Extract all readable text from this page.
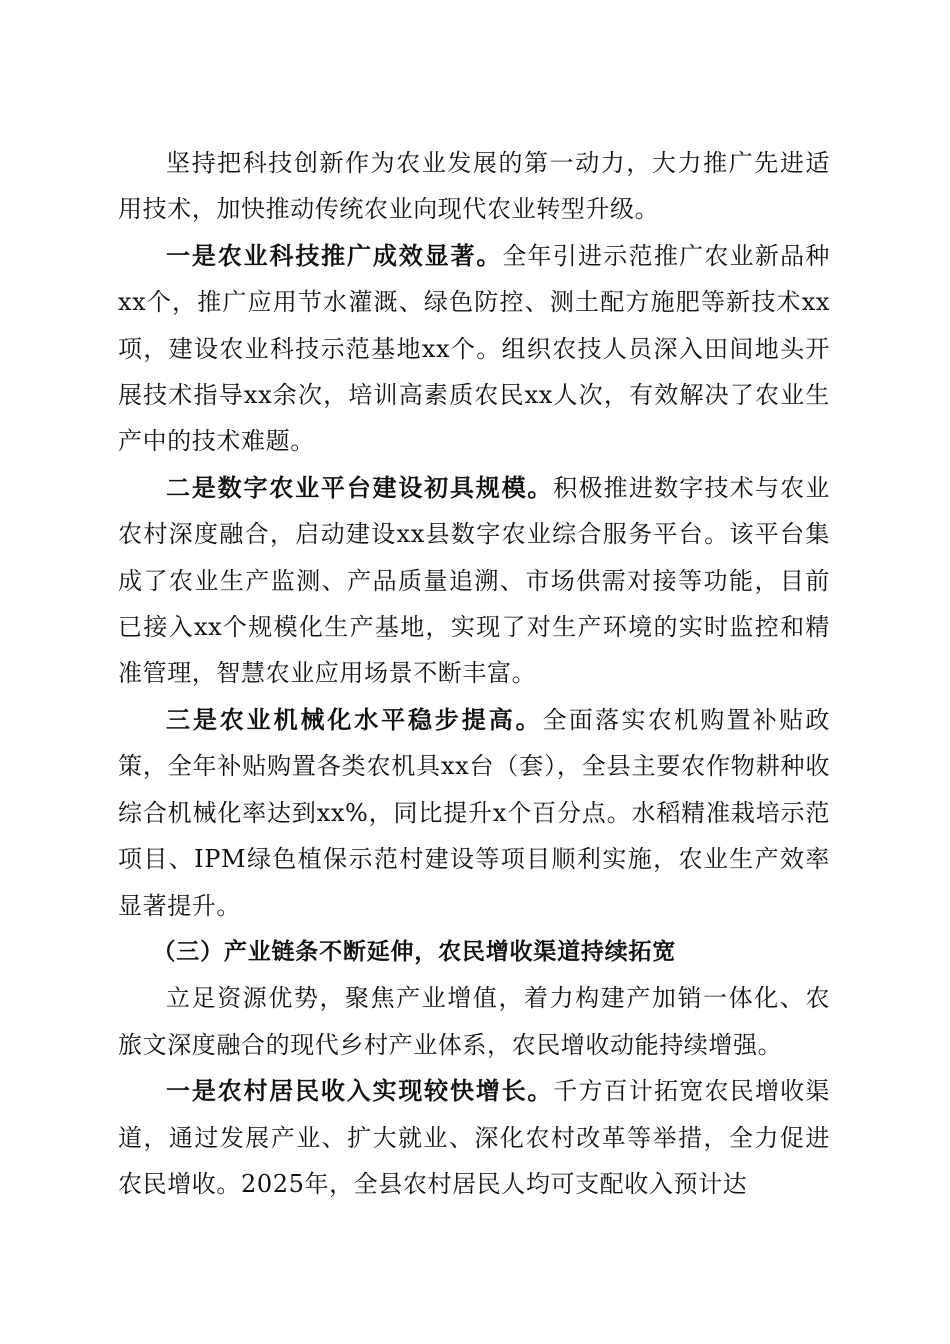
坚持把科技创新作为农业发展的第一动力，大力推广先进适用技术，加快推动传统农业向现代农业转型升级。

一是农业科技推广成效显著。全年引进示范推广农业新品种xx个，推广应用节水灌溉、绿色防控、测土配方施肥等新技术xx项，建设农业科技示范基地xx个。组织农技人员深入田间地头开展技术指导xx余次，培训高素质农民xx人次，有效解决了农业生产中的技术难题。

二是数字农业平台建设初具规模。积极推进数字技术与农业农村深度融合，启动建设xx县数字农业综合服务平台。该平台集成了农业生产监测、产品质量追溯、市场供需对接等功能，目前已接入xx个规模化生产基地，实现了对生产环境的实时监控和精准管理，智慧农业应用场景不断丰富。

三是农业机械化水平稳步提高。全面落实农机购置补贴政策，全年补贴购置各类农机具xx台（套），全县主要农作物耕种收综合机械化率达到xx%，同比提升x个百分点。水稻精准栽培示范项目、IPM绿色植保示范村建设等项目顺利实施，农业生产效率显著提升。

（三）产业链条不断延伸，农民增收渠道持续拓宽

立足资源优势，聚焦产业增值，着力构建产加销一体化、农旅文深度融合的现代乡村产业体系，农民增收动能持续增强。

一是农村居民收入实现较快增长。千方百计拓宽农民增收渠道，通过发展产业、扩大就业、深化农村改革等举措，全力促进农民增收。2025年，全县农村居民人均可支配收入预计达
